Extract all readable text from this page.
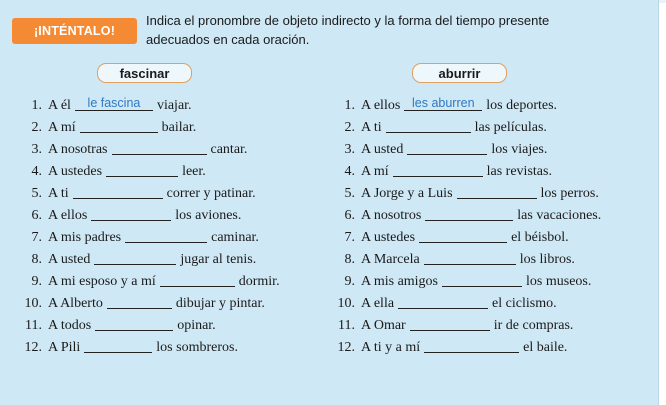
¡INTÉNTALO!
Indica el pronombre de objeto indirecto y la forma del tiempo presente
adecuados en cada oración.
fascinar	aburrir
1. A él	le fascina	viajar.
2. A mí	bailar.
3. A nosotras	cantar.
4. A ustedes	leer.
5. A ti	correr y patinar.
6. A ellos	los aviones.
7. A mis padres	caminar.
8. A usted	jugar al tenis.
9. A mi esposo y a mí	dormir.
10. A Alberto	dibujar y pintar.
11. A todos	opinar.
12. A Pili	los sombreros.
1. A ellos les aburren los deportes.
2. A ti	las películas.
3. A usted	los viajes.
4. A mí	las revistas.
5. A Jorge y a Luis	los perros.
6. A nosotros	las vacaciones.
7. A ustedes	el béisbol.
8. A Marcela	los libros.
9. A mis amigos	los museos.
10. A ella	el ciclismo.
11. A Omar	ir de compras.
12. A ti y a mí	el baile.
